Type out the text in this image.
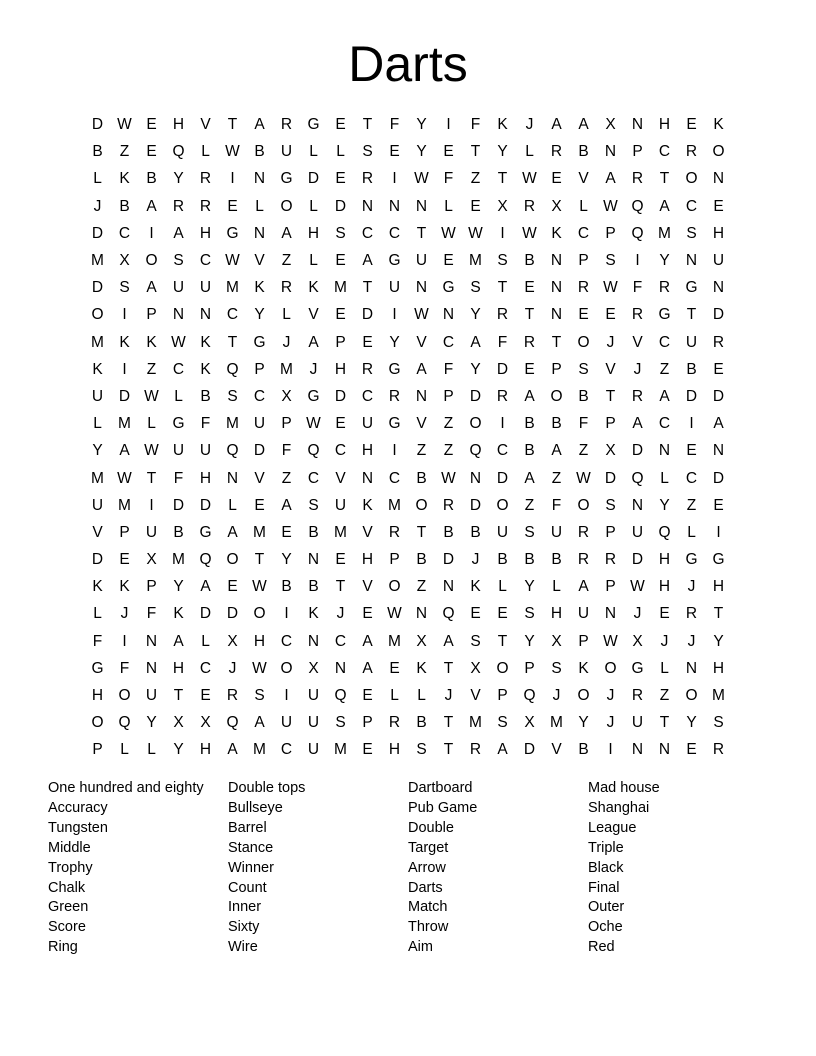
Darts
D W E	H	V	T	A	R G	E	T	F	Y	I	F	K	J	A	A	X	N	H	E	K
B	Z	E	Q	L W B	U	L	L	S	E	Y	E	T	Y	L	R	B	N	P	C	R O
L	K	B	Y	R	I	N G D	E	R	I	W F	Z	T W E	V	A	R	T	O N
J	B	A	R	R	E	L	O	L	D	N	N	N	L	E	X	R	X	L W Q	A	C	E
D	C	I	A	H G N	A	H	S	C	C	T W W	I	W K	C	P	Q M S	H
M X	O	S	C W V	Z	L	E	A	G U	E M S	B	N	P	S	I	Y	N	U
D	S	A	U	U M K	R	K M	T	U	N G	S	T	E	N	R W F	R G N
O	I	P	N	N	C	Y	L	V	E	D	I	W N	Y	R	T	N	E	E	R G	T	D
M K	K W K	T	G	J	A	P	E	Y	V	C	A	F	R	T	O	J	V	C	U	R
K	I	Z	C	K	Q	P M	J	H	R G	A	F	Y	D	E	P	S	V	J	Z	B	E
U	D W L	B	S	C	X	G D	C	R	N	P	D	R	A	O	B	T	R	A	D	D
L	M	L	G	F	M U	P W E	U G	V	Z	O	I	B	B	F	P	A	C	I	A
Y	A W U	U Q D	F	Q C	H	I	Z	Z	Q C	B	A	Z	X	D	N	E	N
M W T	F	H	N	V	Z	C	V	N	C	B W N	D	A	Z W D Q	L	C	D
U M	I	D	D	L	E	A	S	U	K M O R	D O	Z	F	O	S	N	Y	Z	E
V	P	U	B	G	A M E	B M V	R	T	B	B	U	S	U	R	P	U Q	L	I
D	E	X M Q O	T	Y	N	E	H	P	B	D	J	B	B	B	R	R	D	H G G
K	K	P	Y	A	E W B	B	T	V	O	Z	N	K	L	Y	L	A	P W H	J	H
L	J	F	K	D	D O	I	K	J	E W N Q	E	E	S	H	U	N	J	E	R	T
F	I	N	A	L	X	H	C	N	C	A M X	A	S	T	Y	X	P W X	J	J	Y
G	F	N	H	C	J	W O	X	N	A	E	K	T	X	O	P	S	K	O G	L	N	H
H O U	T	E	R	S	I	U Q	E	L	L	J	V	P	Q	J	O	J	R	Z	O M
O Q	Y	X	X	Q	A	U	U	S	P	R	B	T	M S	X M Y	J	U	T	Y	S
P	L	L	Y	H	A M C	U M E	H	S	T	R	A	D	V	B	I	N	N	E	R
One hundred and eighty
Accuracy
Tungsten
Middle
Trophy
Chalk
Green
Score
Ring
Double tops
Bullseye
Barrel
Stance
Winner
Count
Inner
Sixty
Wire
Dartboard
Pub Game
Double
Target
Arrow
Darts
Match
Throw
Aim
Mad house
Shanghai
League
Triple
Black
Final
Outer
Oche
Red
